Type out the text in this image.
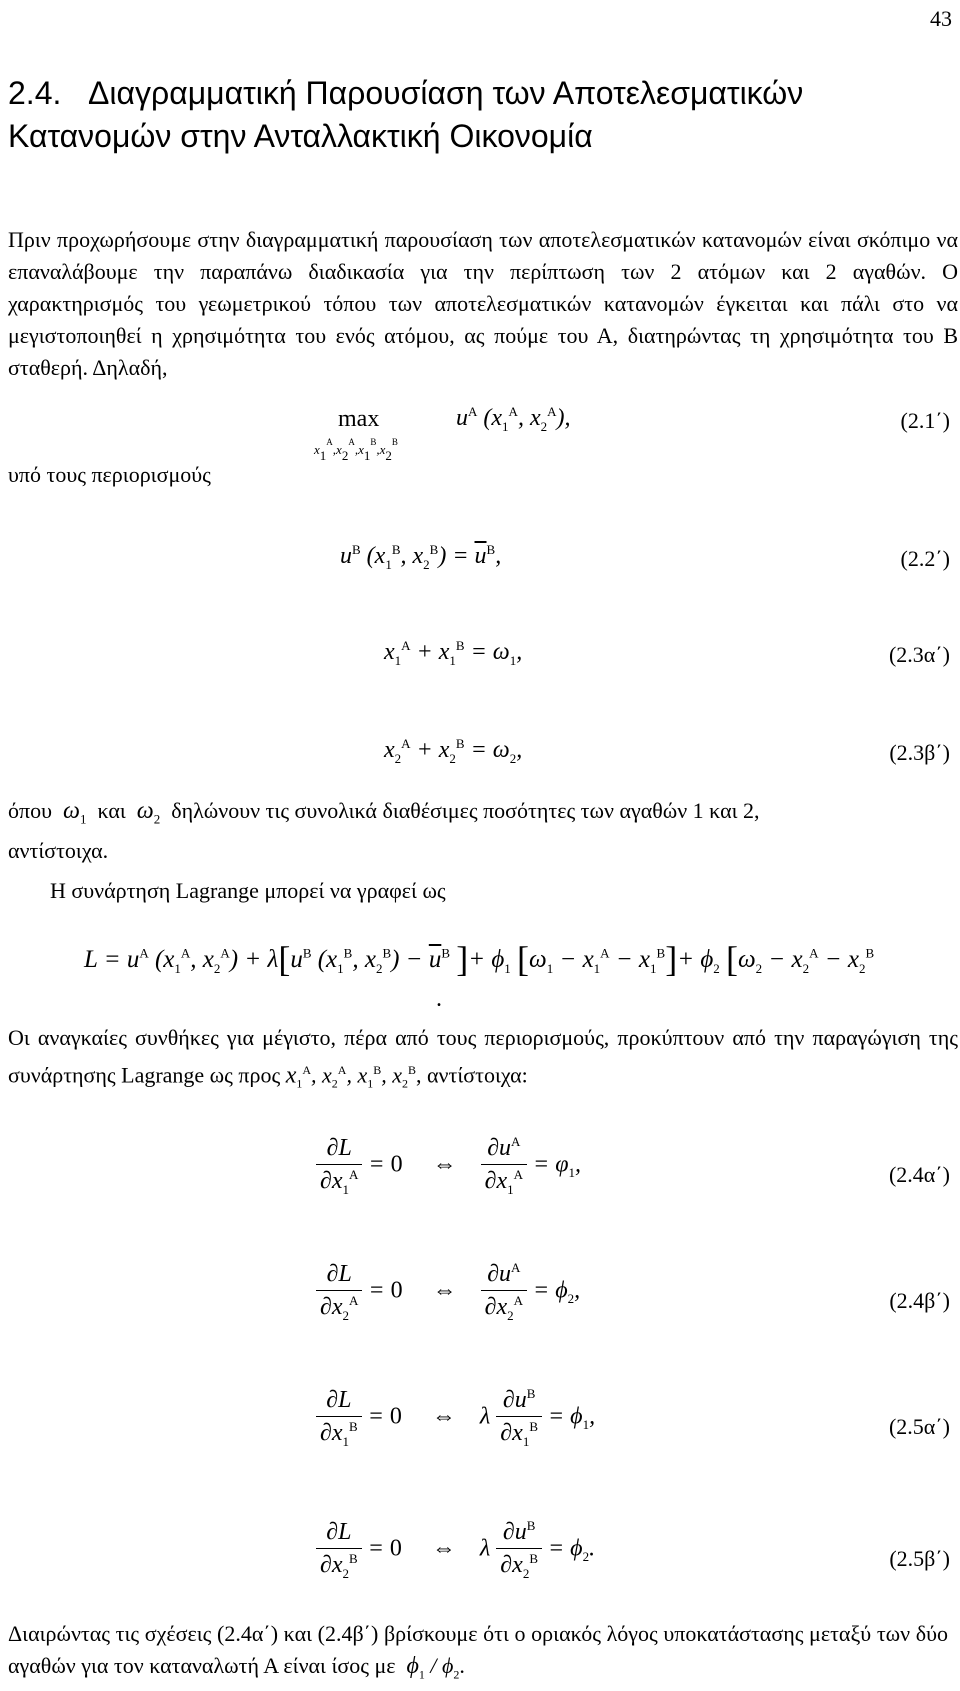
43
2.4. Διαγραμματική Παρουσίαση των Αποτελεσματικών Κατανομών στην Ανταλλακτική Οικονομία
Πριν προχωρήσουμε στην διαγραμματική παρουσίαση των αποτελεσματικών κατανομών είναι σκόπιμο να επαναλάβουμε την παραπάνω διαδικασία για την περίπτωση των 2 ατόμων και 2 αγαθών. Ο χαρακτηρισμός του γεωμετρικού τόπου των αποτελεσματικών κατανομών έγκειται και πάλι στο να μεγιστοποιηθεί η χρησιμότητα του ενός ατόμου, ας πούμε του Α, διατηρώντας τη χρησιμότητα του Β σταθερή. Δηλαδή,
max
$x_1^A,x_2^A,x_1^B,x_2^B$
$u^A$ ($x_1^A$, $x_2^A$),	(2.1΄)
υπό τους περιορισμούς
$u^B$ ($x_1^B$, $x_2^B) = \overline{u}^B$,	(2.2΄)
$x_1^A + x_1^B = \omega_1$,	(2.3α΄)
$x_2^A + x_2^B = \omega_2$,	(2.3β΄)
όπου $\omega_1$ και $\omega_2$ δηλώνουν τις συνολικά διαθέσιμες ποσότητες των αγαθών 1 και 2,
αντίστοιχα.
Η συνάρτηση Lagrange μπορεί να γραφεί ως
$L = u^A$ ($x_1^A$, $x_2^A) + \lambda[u^B$ ($x_1^B$, $x_2^B) - \overline{u}^B$ ]+ $\phi_1$ $[\omega_1 - x_1^A - x_1^B]+ \phi_2$ [$\omega_2 - x_2^A - x_2^B$
.
Οι αναγκαίες συνθήκες για μέγιστο, πέρα από τους περιορισμούς, προκύπτουν από την παραγώγιση της συνάρτησης Lagrange ως προς $x_1^A$, $x_2^A$, $x_1^B$, $x_2^B$, αντίστοιχα:
$\frac{\partial L}{\partial x_1^A} = 0$ ⇔ $\frac{\partial u^A}{\partial x_1^A} = \varphi_1$,	(2.4α΄)
$\frac{\partial L}{\partial x_2^A} = 0$ ⇔ $\frac{\partial u^A}{\partial x_2^A} = \phi_2$,	(2.4β΄)
$\frac{\partial L}{\partial x_1^B} = 0$ ⇔    λ $\frac{\partial u^B}{\partial x_1^B} = \phi_1$,	(2.5α΄)
$\frac{\partial L}{\partial x_2^B} = 0$ ⇔    λ $\frac{\partial u^B}{\partial x_2^B} = \phi_2$.	(2.5β΄)
Διαιρώντας τις σχέσεις (2.4α΄) και (2.4β΄) βρίσκουμε ότι ο οριακός λόγος υποκατάστασης μεταξύ των δύο αγαθών για τον καταναλωτή Α είναι ίσος με $\phi_1 / \phi_2$.
